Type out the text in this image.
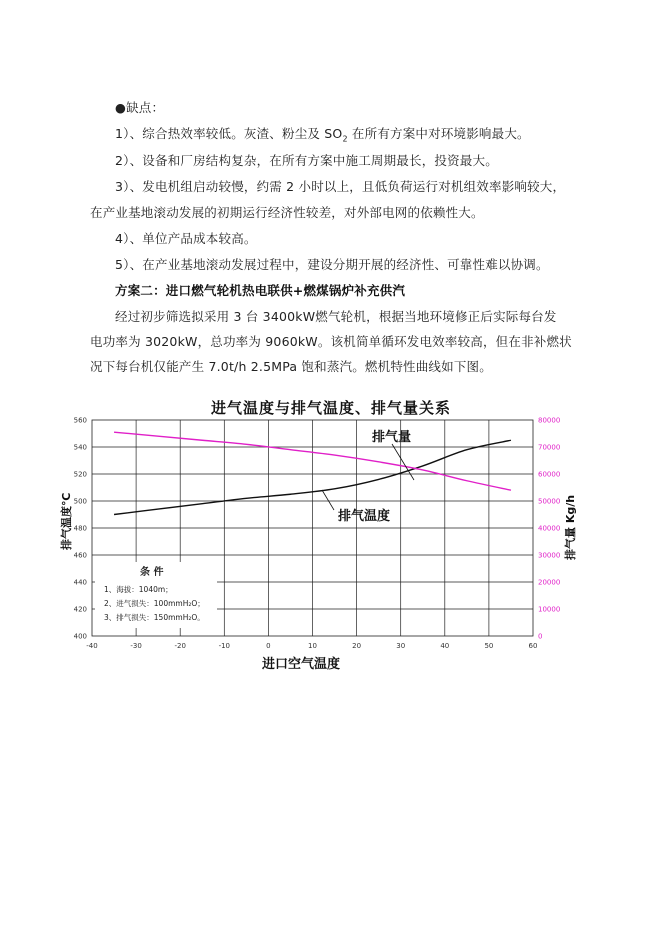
●缺点：
1）、综合热效率较低。灰渣、粉尘及 $SO_2$ 在所有方案中对环境影响最大。
2）、设备和厂房结构复杂，在所有方案中施工周期最长，投资最大。
3）、发电机组启动较慢，约需 2 小时以上，且低负荷运行对机组效率影响较大，
在产业基地滚动发展的初期运行经济性较差，对外部电网的依赖性大。
4）、单位产品成本较高。
5）、在产业基地滚动发展过程中，建设分期开展的经济性、可靠性难以协调。
方案二：进口燃气轮机热电联供+燃煤锅炉补充供汽
经过初步筛选拟采用 3 台 3400kW燃气轮机，根据当地环境修正后实际每台发
电功率为 3020kW，总功率为 9060kW。该机简单循环发电效率较高，但在非补燃状
况下每台机仅能产生 7.0t/h 2.5MPa 饱和蒸汽。燃机特性曲线如下图。
进气温度与排气温度、排气量关系
-40	-30	-20	-10	0	10	20	30	40	50	60
400
420
440
460
480
500
520
540
560
0
10000
20000
30000
40000
50000
60000
70000
80000
条 件
1、海拔：1040m；
2、进气损失：100mmH₂O；
3、排气损失：150mmH₂O。
排气量
排气温度
进口空气温度
排气温度℃	排气量 Kg/h
